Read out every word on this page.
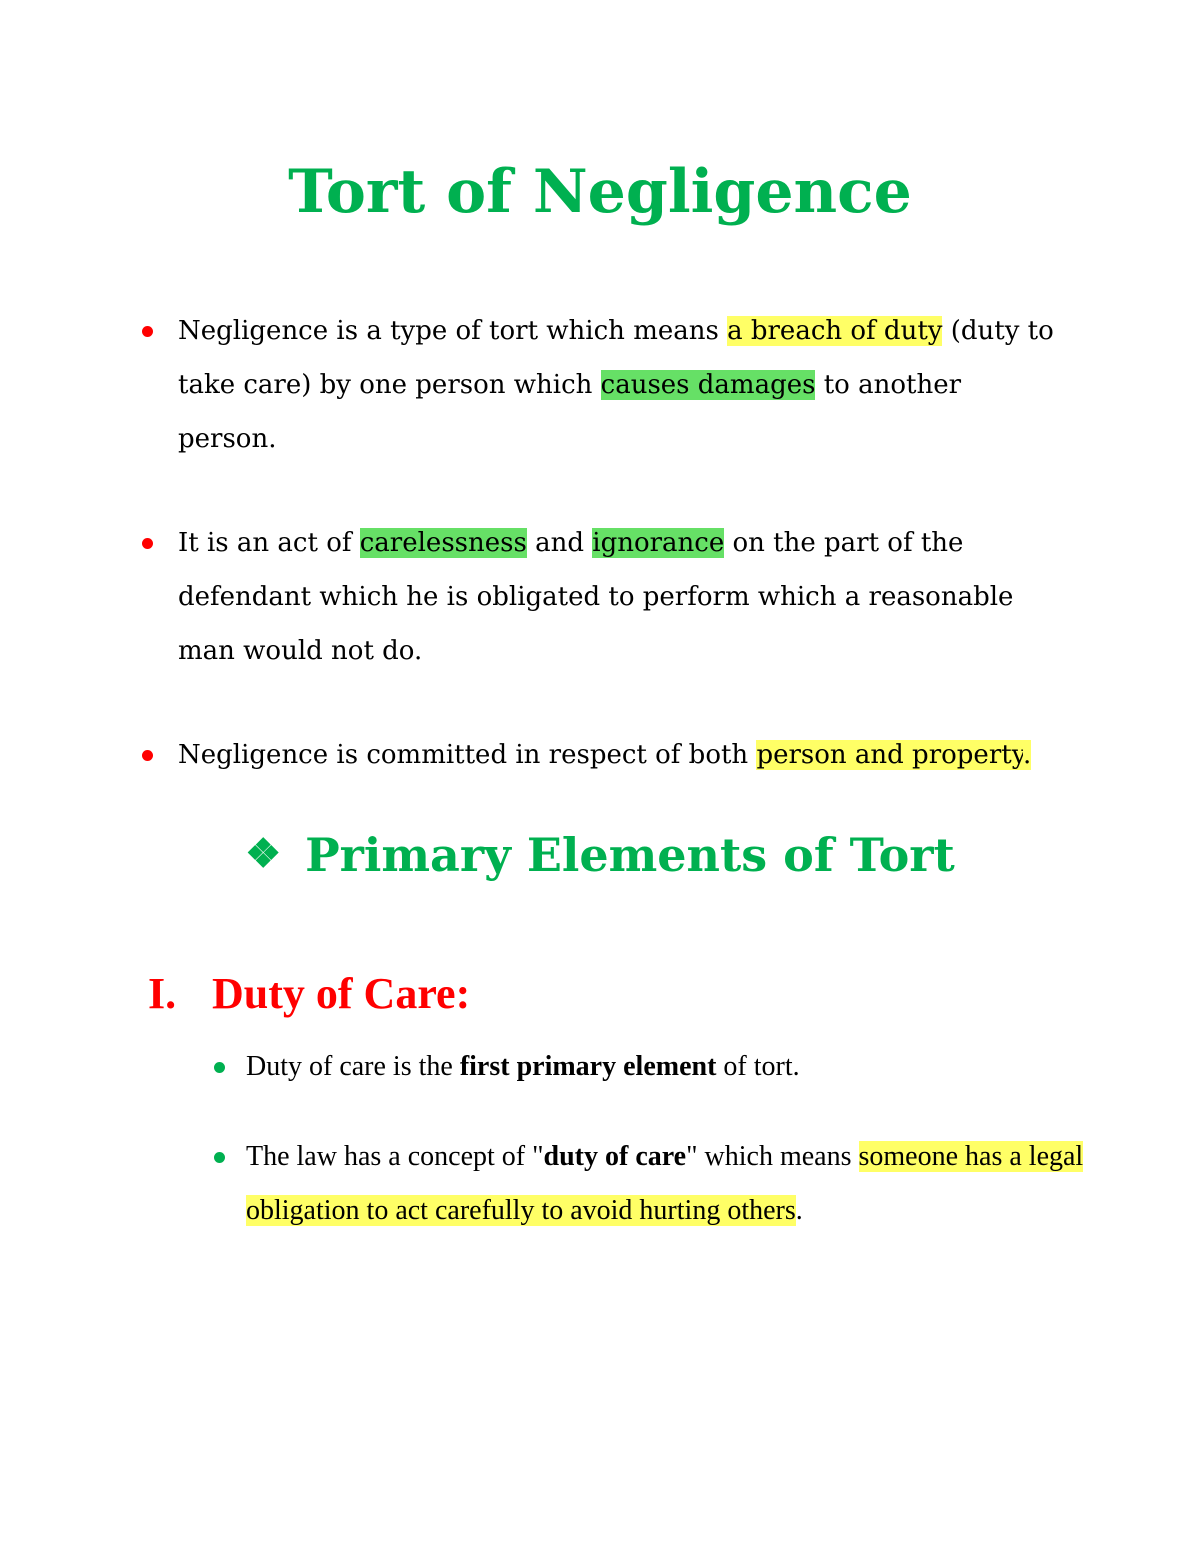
Tort of Negligence
Negligence is a type of tort which means a breach of duty (duty to take care) by one person which causes damages to another person.
It is an act of carelessness and ignorance on the part of the defendant which he is obligated to perform which a reasonable man would not do.
Negligence is committed in respect of both person and property.
❖ Primary Elements of Tort
I. Duty of Care:
Duty of care is the first primary element of tort.
The law has a concept of "duty of care" which means someone has a legal obligation to act carefully to avoid hurting others.
